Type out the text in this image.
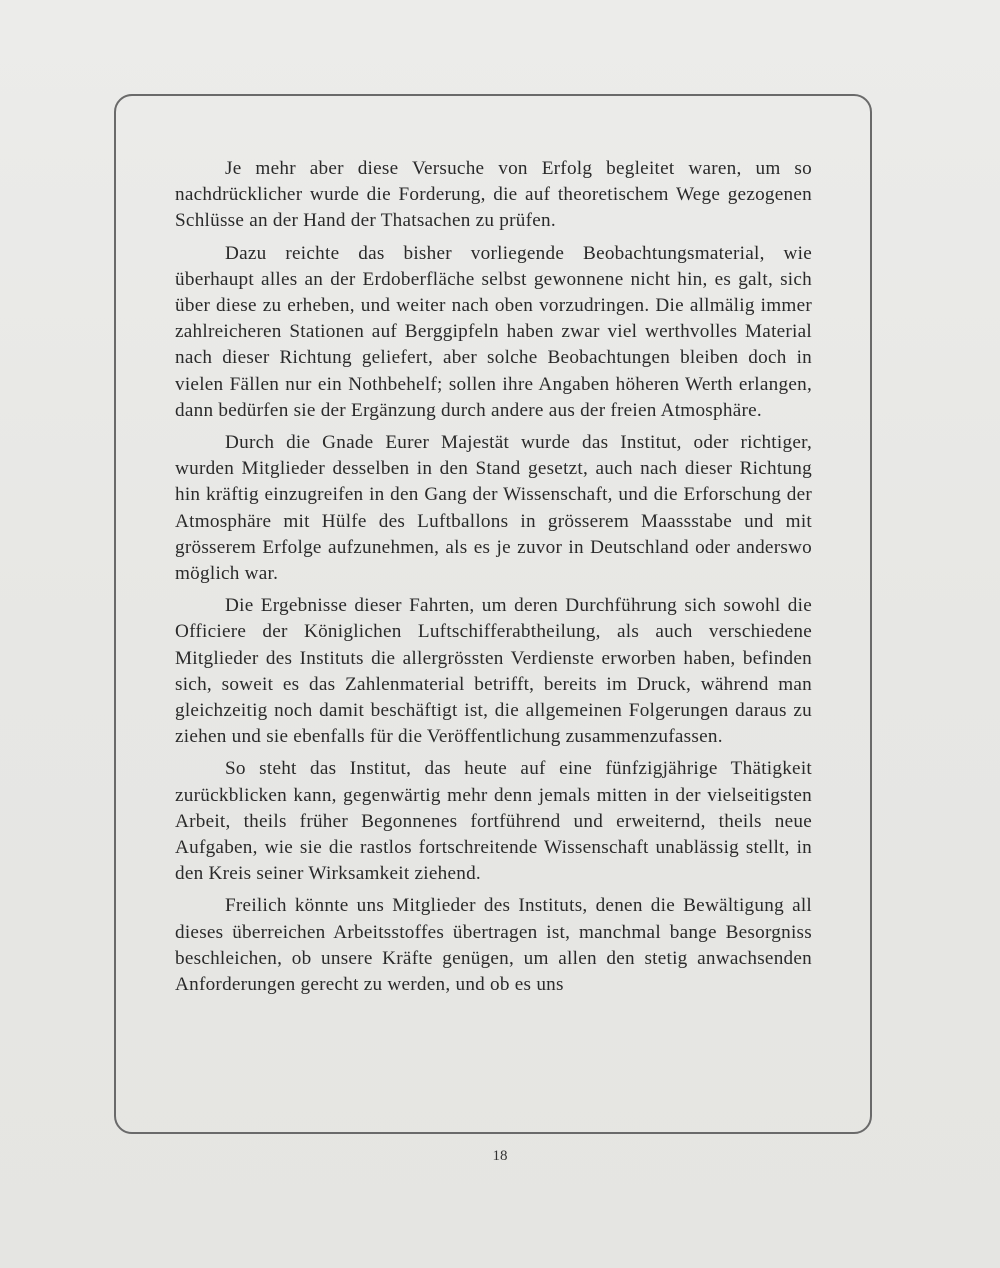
Je mehr aber diese Versuche von Erfolg begleitet waren, um so nachdrücklicher wurde die Forderung, die auf theoretischem Wege gezogenen Schlüsse an der Hand der Thatsachen zu prüfen.

Dazu reichte das bisher vorliegende Beobachtungsmaterial, wie überhaupt alles an der Erdoberfläche selbst gewonnene nicht hin, es galt, sich über diese zu erheben, und weiter nach oben vorzudringen. Die allmälig immer zahlreicheren Stationen auf Berggipfeln haben zwar viel werthvolles Material nach dieser Richtung geliefert, aber solche Beobachtungen bleiben doch in vielen Fällen nur ein Nothbehelf; sollen ihre Angaben höheren Werth erlangen, dann bedürfen sie der Ergänzung durch andere aus der freien Atmosphäre.

Durch die Gnade Eurer Majestät wurde das Institut, oder richtiger, wurden Mitglieder desselben in den Stand gesetzt, auch nach dieser Richtung hin kräftig einzugreifen in den Gang der Wissenschaft, und die Erforschung der Atmosphäre mit Hülfe des Luftballons in grösserem Maassstabe und mit grösserem Erfolge aufzunehmen, als es je zuvor in Deutschland oder anderswo möglich war.

Die Ergebnisse dieser Fahrten, um deren Durchführung sich sowohl die Officiere der Königlichen Luftschifferabtheilung, als auch verschiedene Mitglieder des Instituts die allergrössten Verdienste erworben haben, befinden sich, soweit es das Zahlenmaterial betrifft, bereits im Druck, während man gleichzeitig noch damit beschäftigt ist, die allgemeinen Folgerungen daraus zu ziehen und sie ebenfalls für die Veröffentlichung zusammenzufassen.

So steht das Institut, das heute auf eine fünfzigjährige Thätigkeit zurückblicken kann, gegenwärtig mehr denn jemals mitten in der vielseitigsten Arbeit, theils früher Begonnenes fortführend und erweiternd, theils neue Aufgaben, wie sie die rastlos fortschreitende Wissenschaft unablässig stellt, in den Kreis seiner Wirksamkeit ziehend.

Freilich könnte uns Mitglieder des Instituts, denen die Bewältigung all dieses überreichen Arbeitsstoffes übertragen ist, manchmal bange Besorgniss beschleichen, ob unsere Kräfte genügen, um allen den stetig anwachsenden Anforderungen gerecht zu werden, und ob es uns

18
